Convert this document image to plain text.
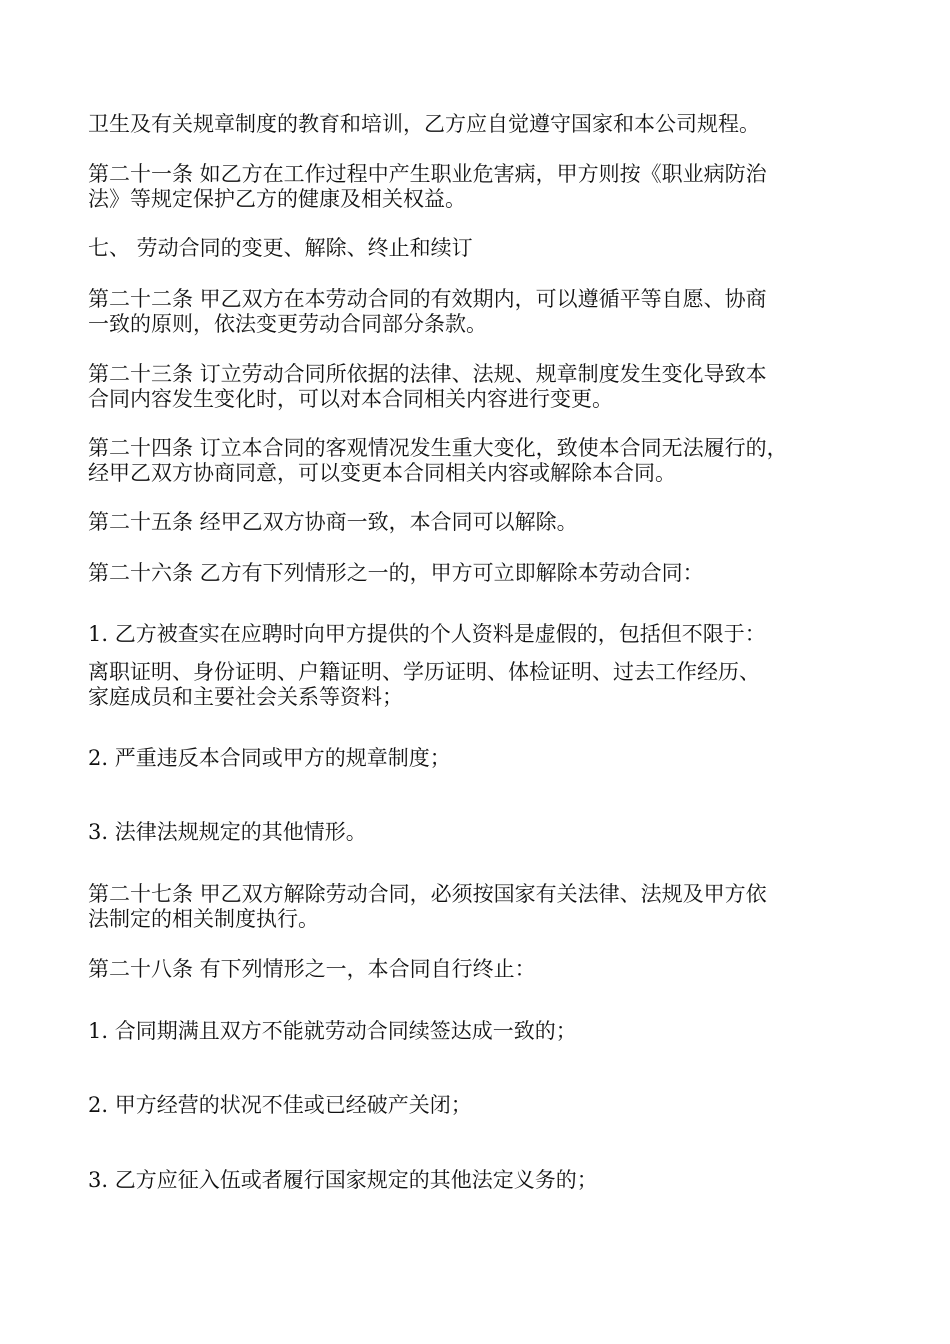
卫生及有关规章制度的教育和培训，乙方应自觉遵守国家和本公司规程。

第二十一条 如乙方在工作过程中产生职业危害病，甲方则按《职业病防治
法》等规定保护乙方的健康及相关权益。

七、 劳动合同的变更、解除、终止和续订

第二十二条 甲乙双方在本劳动合同的有效期内，可以遵循平等自愿、协商
一致的原则，依法变更劳动合同部分条款。

第二十三条 订立劳动合同所依据的法律、法规、规章制度发生变化导致本
合同内容发生变化时，可以对本合同相关内容进行变更。

第二十四条 订立本合同的客观情况发生重大变化，致使本合同无法履行的，
经甲乙双方协商同意，可以变更本合同相关内容或解除本合同。

第二十五条 经甲乙双方协商一致，本合同可以解除。

第二十六条 乙方有下列情形之一的，甲方可立即解除本劳动合同：

1. 乙方被查实在应聘时向甲方提供的个人资料是虚假的，包括但不限于：

离职证明、身份证明、户籍证明、学历证明、体检证明、过去工作经历、
家庭成员和主要社会关系等资料；

2. 严重违反本合同或甲方的规章制度；

3. 法律法规规定的其他情形。

第二十七条 甲乙双方解除劳动合同，必须按国家有关法律、法规及甲方依
法制定的相关制度执行。

第二十八条 有下列情形之一，本合同自行终止：

1. 合同期满且双方不能就劳动合同续签达成一致的；

2. 甲方经营的状况不佳或已经破产关闭；

3. 乙方应征入伍或者履行国家规定的其他法定义务的；
